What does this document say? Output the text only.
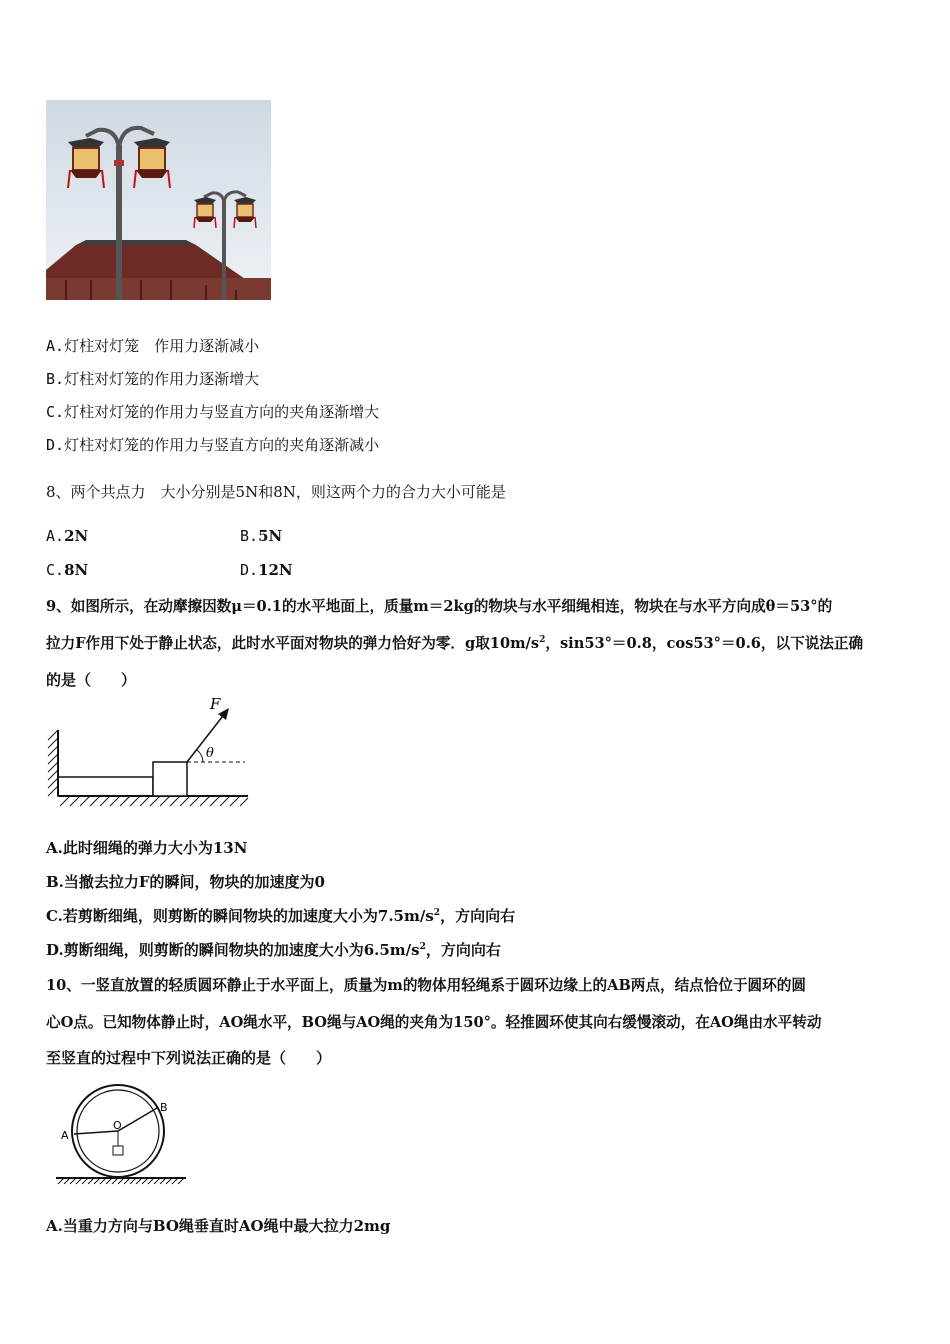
A.灯柱对灯笼　作用力逐渐减小
B.灯柱对灯笼的作用力逐渐增大
C.灯柱对灯笼的作用力与竖直方向的夹角逐渐增大
D.灯柱对灯笼的作用力与竖直方向的夹角逐渐减小
8、两个共点力　大小分别是5N和8N，则这两个力的合力大小可能是
A.2N	B.5N
C.8N	D.12N
9、如图所示，在动摩擦因数μ＝0.1的水平地面上，质量m＝2kg的物块与水平细绳相连，物块在与水平方向成θ＝53°的
拉力F作用下处于静止状态，此时水平面对物块的弹力恰好为零．g取$10m/s^2$，sin53°＝0.8，cos53°＝0.6，以下说法正确
的是（　　）
F
θ
A.此时细绳的弹力大小为13N
B.当撤去拉力F的瞬间，物块的加速度为0
C.若剪断细绳，则剪断的瞬间物块的加速度大小为$7.5m/s^2$，方向向右
D.剪断细绳，则剪断的瞬间物块的加速度大小为$6.5m/s^2$，方向向右
10、一竖直放置的轻质圆环静止于水平面上，质量为m的物体用轻绳系于圆环边缘上的AB两点，结点恰位于圆环的圆
心O点。已知物体静止时，AO绳水平，BO绳与AO绳的夹角为150°。轻推圆环使其向右缓慢滚动，在AO绳由水平转动
至竖直的过程中下列说法正确的是（　　）
A
B
O
A.当重力方向与BO绳垂直时AO绳中最大拉力2mg
